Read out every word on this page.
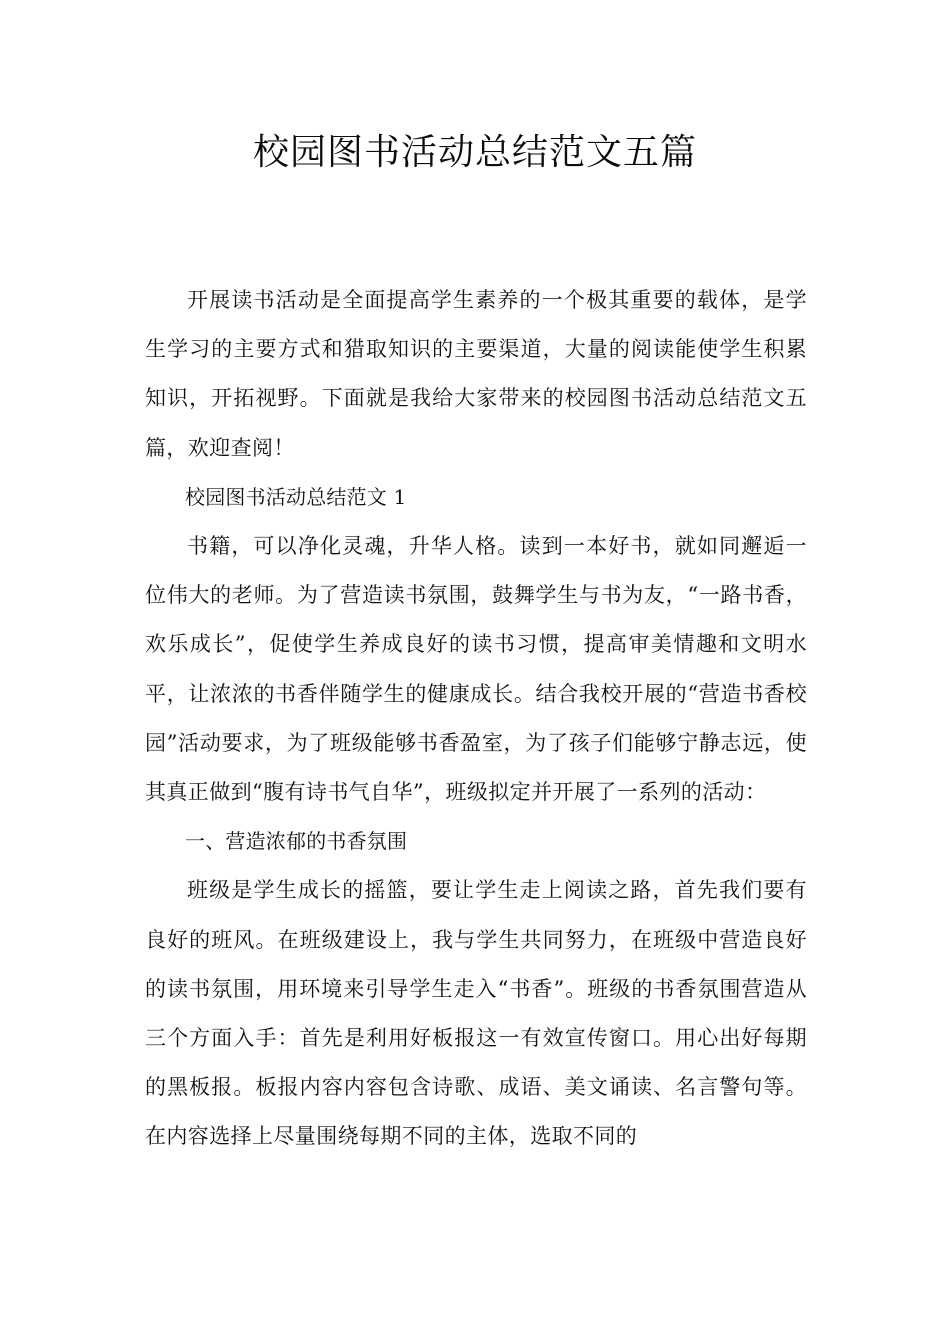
校园图书活动总结范文五篇

开展读书活动是全面提高学生素养的一个极其重要的载体，是学生学习的主要方式和猎取知识的主要渠道，大量的阅读能使学生积累知识，开拓视野。下面就是我给大家带来的校园图书活动总结范文五篇，欢迎查阅！

校园图书活动总结范文 1

书籍，可以净化灵魂，升华人格。读到一本好书，就如同邂逅一位伟大的老师。为了营造读书氛围，鼓舞学生与书为友，“一路书香，欢乐成长”，促使学生养成良好的读书习惯，提高审美情趣和文明水平，让浓浓的书香伴随学生的健康成长。结合我校开展的“营造书香校园”活动要求，为了班级能够书香盈室，为了孩子们能够宁静志远，使其真正做到“腹有诗书气自华”，班级拟定并开展了一系列的活动：

一、营造浓郁的书香氛围

班级是学生成长的摇篮，要让学生走上阅读之路，首先我们要有良好的班风。在班级建设上，我与学生共同努力，在班级中营造良好的读书氛围，用环境来引导学生走入“书香”。班级的书香氛围营造从三个方面入手：首先是利用好板报这一有效宣传窗口。用心出好每期的黑板报。板报内容内容包含诗歌、成语、美文诵读、名言警句等。在内容选择上尽量围绕每期不同的主体，选取不同的
